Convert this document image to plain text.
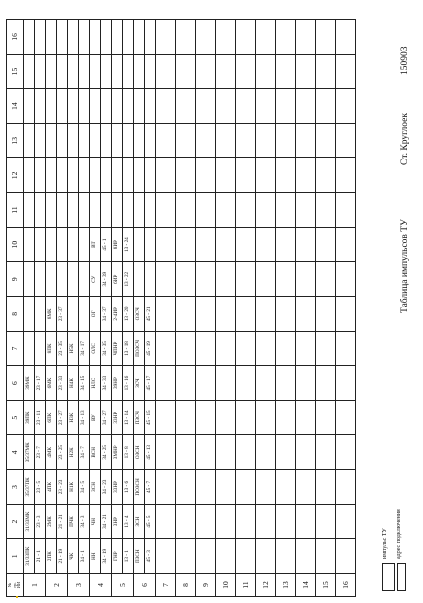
№ гр. ИИ	1	2	3	4	5	6	7	8	9	10	11	12	13	14	15	16
1	31/33ПК	31/33МК	35/37ПК	35/37МК	39ПК	39МК										
	21 - 1	23 - 3	23 - 5	23 - 7	23 - 11	23 - 17										
2	2ПК	2МК	4ПК	4МК	6ПК	6МК	8ПК	8МК								
	21 - 19	21 - 21	23 - 23	23 - 25	23 - 27	23 - 33	23 - 35	23 - 37								
3	ЧК	ПЧК	Н1К	Н2К	Н3К	Н4К	Н5К									
	34 - 1	34 - 3	34 - 5	34 - 7	34 - 13	34 - 15	34 - 17									
4	НН	ЧН	ЗСН	ВСН	ВУ	НЛС	ОЛС	ОГ	СУ	ВТ						
	34 - 19	34 - 21	34 - 23	34 - 25	34 - 27	34 - 33	34 - 35	34 - 37	34 - 39	45 - 1						
5	ГНР	3НР	33НР	3МНР	33НР	39НР	ЧПНР	2-4ИР	6ИР	8ИР						
	13 - 1	13 - 4	13 - 6	13 - 8	13 - 14	13 - 16	13 - 18	13 - 20	13 - 22	13 - 24						
6	ПЗСН	ЗСН	ПОЗСН	ОЗСН	ПЗСЧ	ЗСЧ	ПОЗСЧ	ОЗСЧ								
	45 - 3	45 - 5	45 - 7	45 - 13	45 - 15	45 - 17	45 - 19	45 - 21								
7																
8																
9																
10																
11																
12																
13																
14																
15																
16																
импульс ТУ адрес подключения
Таблица импульсов ТУ
Ст. Круглоек
150903
